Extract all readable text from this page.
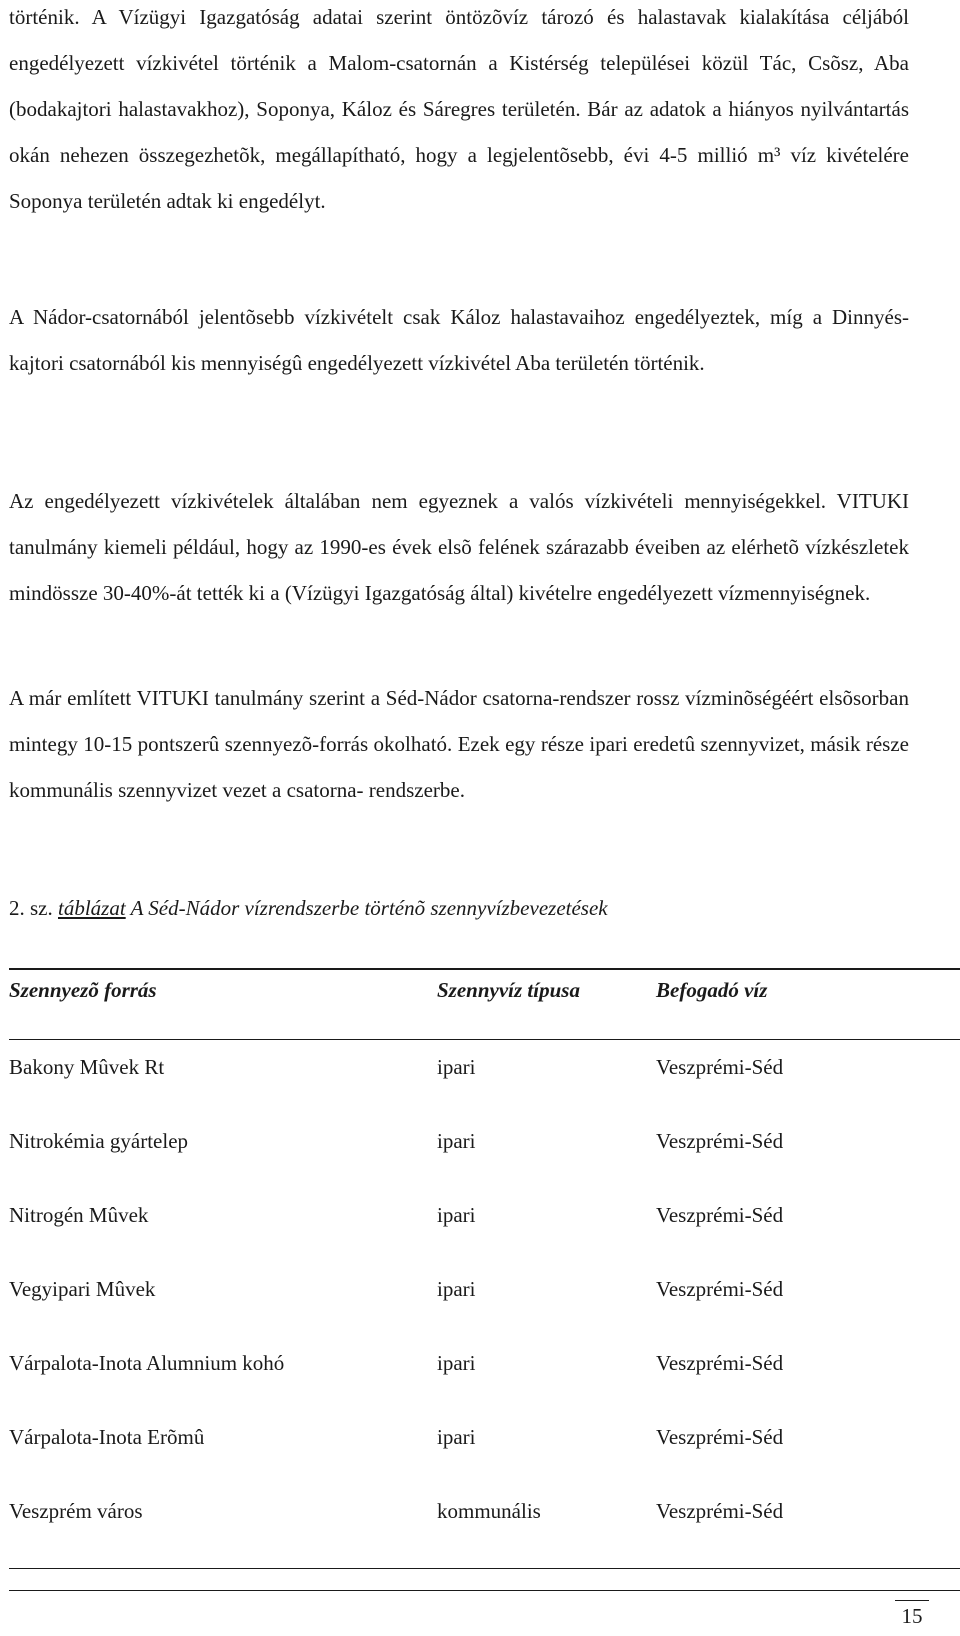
történik. A Vízügyi Igazgatóság adatai szerint öntözõvíz tározó és halastavak kialakítása céljából engedélyezett vízkivétel történik a Malom-csatornán a Kistérség települései közül Tác, Csõsz, Aba (bodakajtori halastavakhoz), Soponya, Káloz és Sáregres területén. Bár az adatok a hiányos nyilvántartás okán nehezen összegezhetõk, megállapítható, hogy a legjelentõsebb, évi 4-5 millió m³ víz kivételére Soponya területén adtak ki engedélyt.

A Nádor-csatornából jelentõsebb vízkivételt csak Káloz halastavaihoz engedélyeztek, míg a Dinnyés-kajtori csatornából kis mennyiségû engedélyezett vízkivétel Aba területén történik.

Az engedélyezett vízkivételek általában nem egyeznek a valós vízkivételi mennyiségekkel. VITUKI tanulmány kiemeli például, hogy az 1990-es évek elsõ felének szárazabb éveiben az elérhetõ vízkészletek mindössze 30-40%-át tették ki a (Vízügyi Igazgatóság által) kivételre engedélyezett vízmennyiségnek.

A már említett VITUKI tanulmány szerint a Séd-Nádor csatorna-rendszer rossz vízminõségéért elsõsorban mintegy 10-15 pontszerû szennyezõ-forrás okolható. Ezek egy része ipari eredetû szennyvizet, másik része kommunális szennyvizet vezet a csatorna- rendszerbe.

2. sz. táblázat A Séd-Nádor vízrendszerbe történõ szennyvízbevezetések
Szennyezõ forrás	Szennyvíz típusa	Befogadó víz
Bakony Mûvek Rt	ipari	Veszprémi-Séd
Nitrokémia gyártelep	ipari	Veszprémi-Séd
Nitrogén Mûvek	ipari	Veszprémi-Séd
Vegyipari Mûvek	ipari	Veszprémi-Séd
Várpalota-Inota Alumnium kohó	ipari	Veszprémi-Séd
Várpalota-Inota Erõmû	ipari	Veszprémi-Séd
Veszprém város	kommunális	Veszprémi-Séd
15
